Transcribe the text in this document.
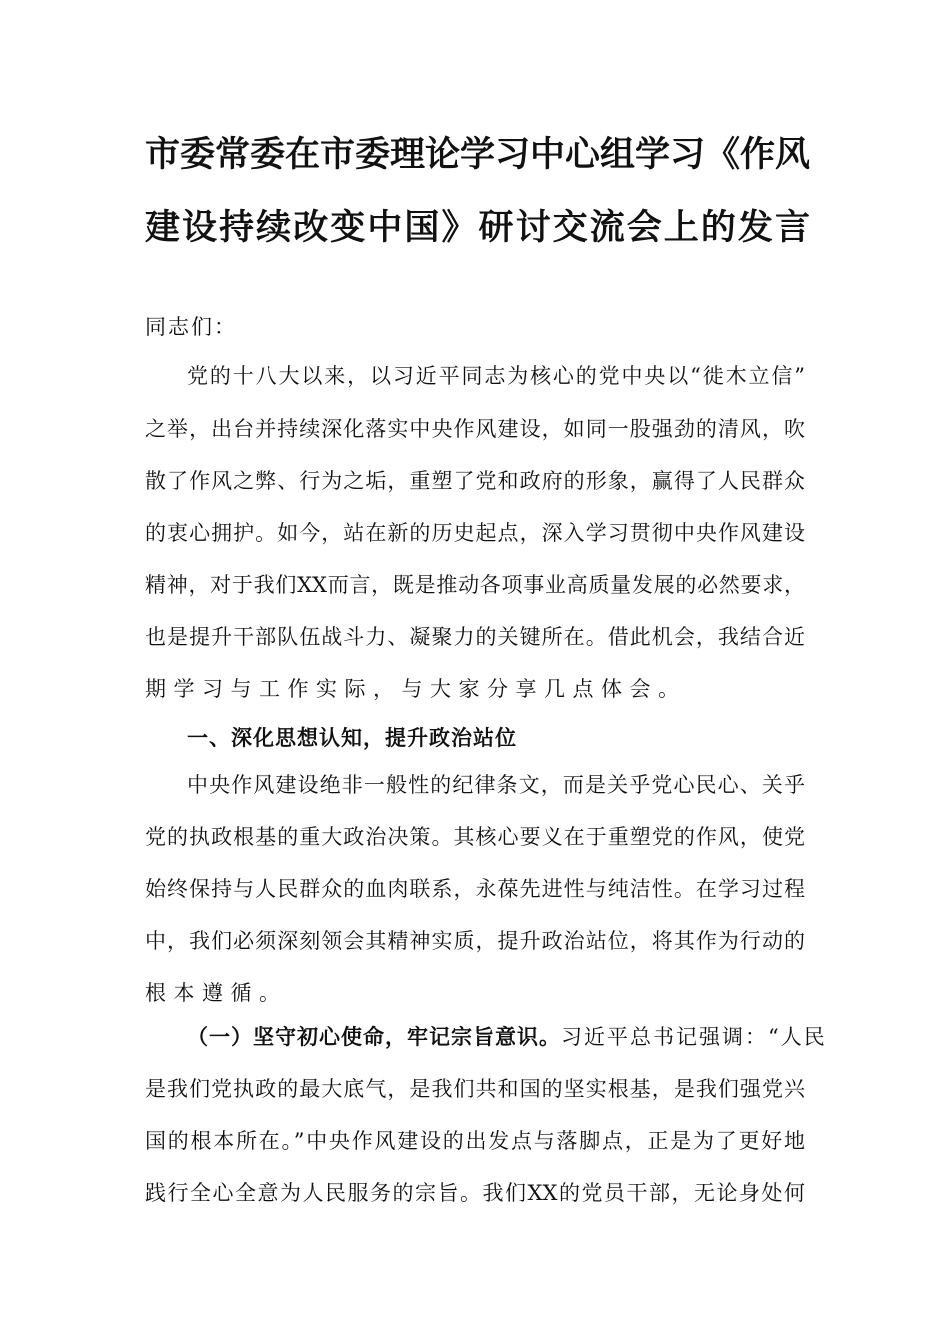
市委常委在市委理论学习中心组学习《作风
建设持续改变中国》研讨交流会上的发言
同志们：
党的十八大以来，以习近平同志为核心的党中央以“徙木立信”
之举，出台并持续深化落实中央作风建设，如同一股强劲的清风，吹
散了作风之弊、行为之垢，重塑了党和政府的形象，赢得了人民群众
的衷心拥护。如今，站在新的历史起点，深入学习贯彻中央作风建设
精神，对于我们XX而言，既是推动各项事业高质量发展的必然要求，
也是提升干部队伍战斗力、凝聚力的关键所在。借此机会，我结合近
期学习与工作实际，与大家分享几点体会。
一、深化思想认知，提升政治站位
中央作风建设绝非一般性的纪律条文，而是关乎党心民心、关乎
党的执政根基的重大政治决策。其核心要义在于重塑党的作风，使党
始终保持与人民群众的血肉联系，永葆先进性与纯洁性。在学习过程
中，我们必须深刻领会其精神实质，提升政治站位，将其作为行动的
根本遵循。
（一）坚守初心使命，牢记宗旨意识。 习近平总书记强调：“人民
是我们党执政的最大底气，是我们共和国的坚实根基，是我们强党兴
国的根本所在。”中央作风建设的出发点与落脚点，正是为了更好地
践行全心全意为人民服务的宗旨。我们XX的党员干部，无论身处何
